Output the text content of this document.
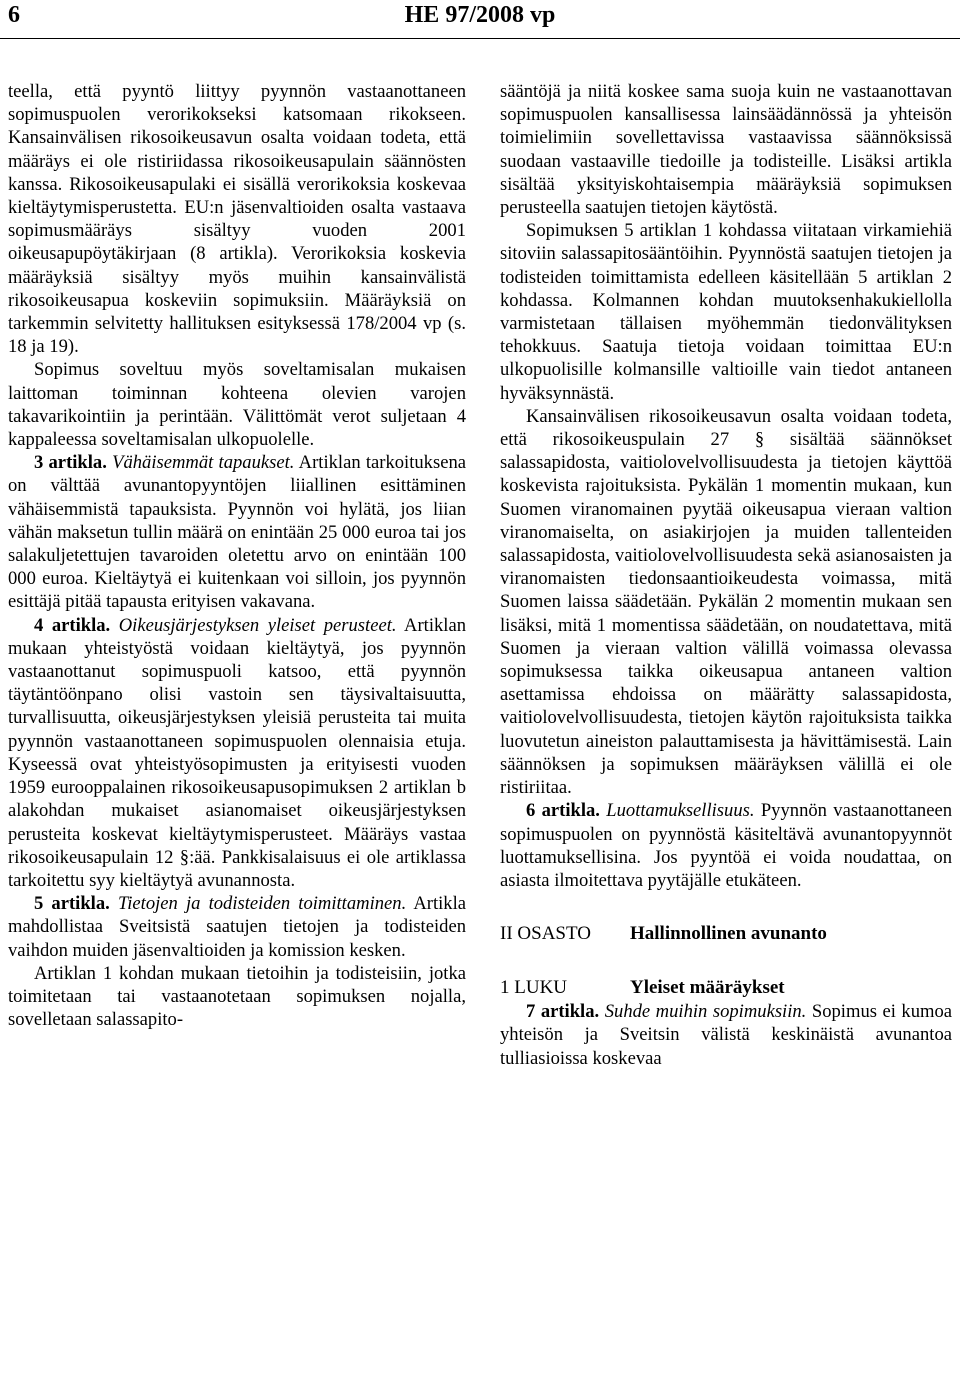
6	HE 97/2008 vp

teella, että pyyntö liittyy pyynnön vastaanottaneen sopimuspuolen verorikokseksi katsomaan rikokseen. Kansainvälisen rikosoikeusavun osalta voidaan todeta, että määräys ei ole ristiriidassa rikosoikeusapulain säännösten kanssa. Rikosoikeusapulaki ei sisällä verorikoksia koskevaa kieltäytymisperustetta. EU:n jäsenvaltioiden osalta vastaava sopimusmääräys sisältyy vuoden 2001 oikeusapupöytäkirjaan (8 artikla). Verorikoksia koskevia määräyksiä sisältyy myös muihin kansainvälistä rikosoikeusapua koskeviin sopimuksiin. Määräyksiä on tarkemmin selvitetty hallituksen esityksessä 178/2004 vp (s. 18 ja 19).

Sopimus soveltuu myös soveltamisalan mukaisen laittoman toiminnan kohteena olevien varojen takavarikointiin ja perintään. Välittömät verot suljetaan 4 kappaleessa soveltamisalan ulkopuolelle.

3 artikla. Vähäisemmät tapaukset. Artiklan tarkoituksena on välttää avunantopyyntöjen liiallinen esittäminen vähäisemmistä tapauksista. Pyynnön voi hylätä, jos liian vähän maksetun tullin määrä on enintään 25 000 euroa tai jos salakuljetettujen tavaroiden oletettu arvo on enintään 100 000 euroa. Kieltäytyä ei kuitenkaan voi silloin, jos pyynnön esittäjä pitää tapausta erityisen vakavana.

4 artikla. Oikeusjärjestyksen yleiset perusteet. Artiklan mukaan yhteistyöstä voidaan kieltäytyä, jos pyynnön vastaanottanut sopimuspuoli katsoo, että pyynnön täytäntöönpano olisi vastoin sen täysivaltaisuutta, turvallisuutta, oikeusjärjestyksen yleisiä perusteita tai muita pyynnön vastaanottaneen sopimuspuolen olennaisia etuja. Kyseessä ovat yhteistyösopimusten ja erityisesti vuoden 1959 eurooppalainen rikosoikeusapusopimuksen 2 artiklan b alakohdan mukaiset asianomaiset oikeusjärjestyksen perusteita koskevat kieltäytymisperusteet. Määräys vastaa rikosoikeusapulain 12 §:ää. Pankkisalaisuus ei ole artiklassa tarkoitettu syy kieltäytyä avunannosta.

5 artikla. Tietojen ja todisteiden toimittaminen. Artikla mahdollistaa Sveitsistä saatujen tietojen ja todisteiden vaihdon muiden jäsenvaltioiden ja komission kesken.

Artiklan 1 kohdan mukaan tietoihin ja todisteisiin, jotka toimitetaan tai vastaanotetaan sopimuksen nojalla, sovelletaan salassapito-

sääntöjä ja niitä koskee sama suoja kuin ne vastaanottavan sopimuspuolen kansallisessa lainsäädännössä ja yhteisön toimielimiin sovellettavissa vastaavissa säännöksissä suodaan vastaaville tiedoille ja todisteille. Lisäksi artikla sisältää yksityiskohtaisempia määräyksiä sopimuksen perusteella saatujen tietojen käytöstä.

Sopimuksen 5 artiklan 1 kohdassa viitataan virkamiehiä sitoviin salassapitosääntöihin. Pyynnöstä saatujen tietojen ja todisteiden toimittamista edelleen käsitellään 5 artiklan 2 kohdassa. Kolmannen kohdan muutoksenhakukiellolla varmistetaan tällaisen myöhemmän tiedonvälityksen tehokkuus. Saatuja tietoja voidaan toimittaa EU:n ulkopuolisille kolmansille valtioille vain tiedot antaneen hyväksynnästä.

Kansainvälisen rikosoikeusavun osalta voidaan todeta, että rikosoikeuspulain 27 § sisältää säännökset salassapidosta, vaitiolovelvollisuudesta ja tietojen käyttöä koskevista rajoituksista. Pykälän 1 momentin mukaan, kun Suomen viranomainen pyytää oikeusapua vieraan valtion viranomaiselta, on asiakirjojen ja muiden tallenteiden salassapidosta, vaitiolovelvollisuudesta sekä asianosaisten ja viranomaisten tiedonsaantioikeudesta voimassa, mitä Suomen laissa säädetään. Pykälän 2 momentin mukaan sen lisäksi, mitä 1 momentissa säädetään, on noudatettava, mitä Suomen ja vieraan valtion välillä voimassa olevassa sopimuksessa taikka oikeusapua antaneen valtion asettamissa ehdoissa on määrätty salassapidosta, vaitiolovelvollisuudesta, tietojen käytön rajoituksista taikka luovutetun aineiston palauttamisesta ja hävittämisestä. Lain säännöksen ja sopimuksen määräyksen välillä ei ole ristiriitaa.

6 artikla. Luottamuksellisuus. Pyynnön vastaanottaneen sopimuspuolen on pyynnöstä käsiteltävä avunantopyynnöt luottamuksellisina. Jos pyyntöä ei voida noudattaa, on asiasta ilmoitettava pyytäjälle etukäteen.

II OSASTO Hallinnollinen avunanto
1 LUKU	Yleiset määräykset

7 artikla. Suhde muihin sopimuksiin. Sopimus ei kumoa yhteisön ja Sveitsin välistä keskinäistä avunantoa tulliasioissa koskevaa
